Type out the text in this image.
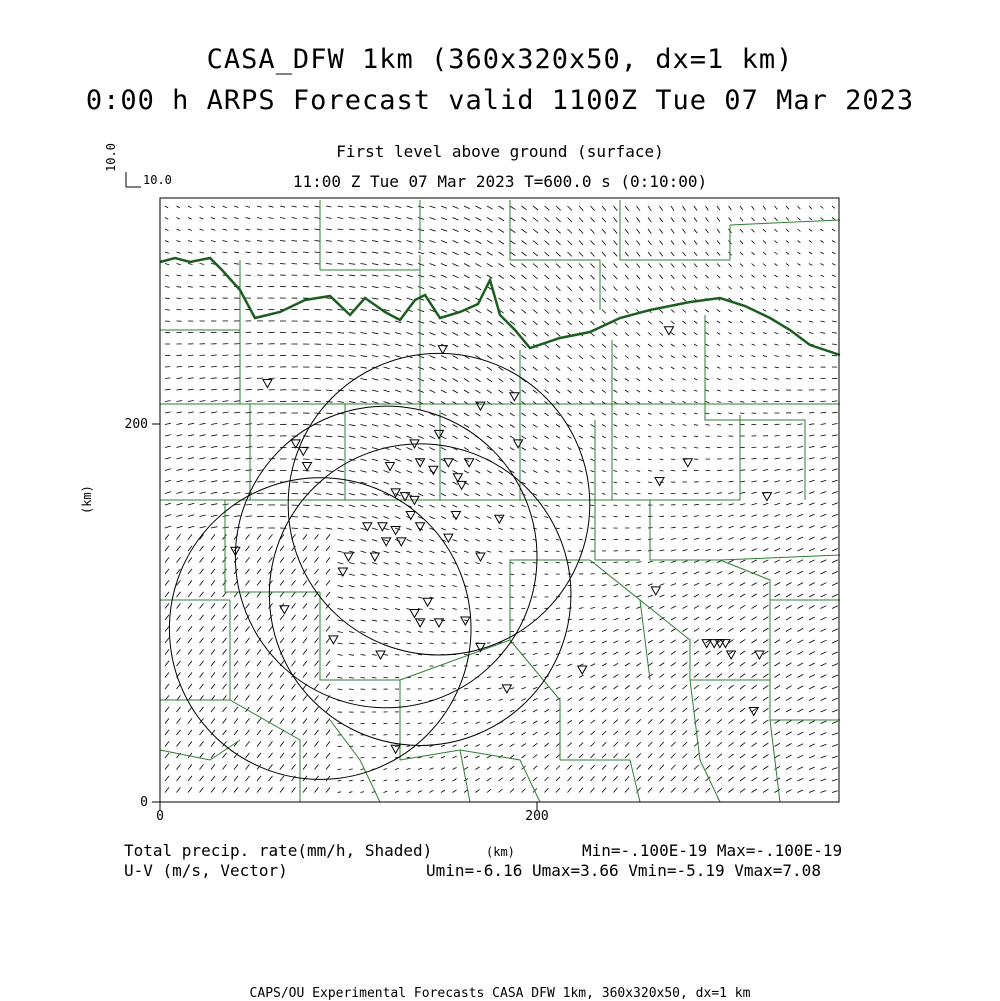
CASA_DFW 1km (360x320x50, dx=1 km)
0:00 h ARPS Forecast valid 1100Z Tue 07 Mar 2023
First level above ground (surface)
11:00 Z Tue 07 Mar 2023 T=600.0 s (0:10:00)
10.0
10.0
(km)
0	200
0
200
Total precip. rate(mm/h, Shaded)	(km)	Min=-.100E-19 Max=-.100E-19
U-V (m/s, Vector)	Umin=-6.16 Umax=3.66 Vmin=-5.19 Vmax=7.08
CAPS/OU Experimental Forecasts CASA DFW 1km, 360x320x50, dx=1 km
